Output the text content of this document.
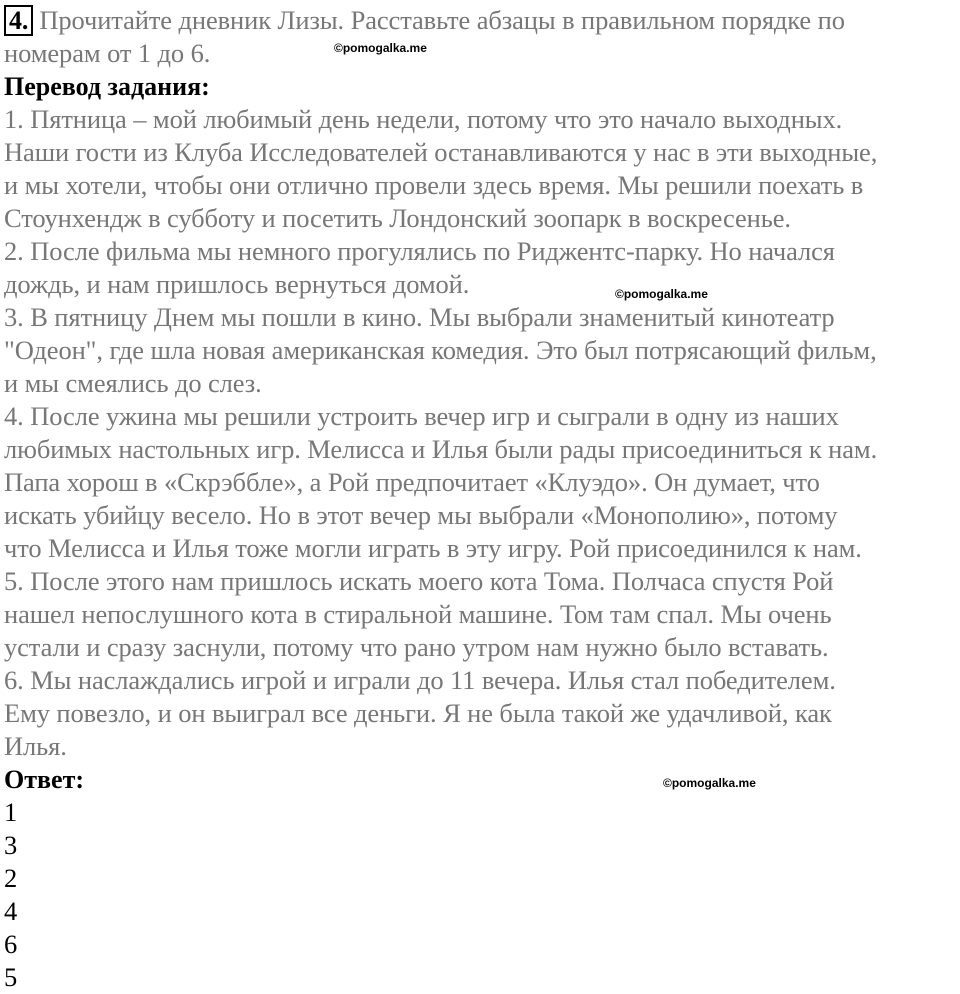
4. Прочитайте дневник Лизы. Расставьте абзацы в правильном порядке по
номерам от 1 до 6.
Перевод задания:
1. Пятница – мой любимый день недели, потому что это начало выходных.
Наши гости из Клуба Исследователей останавливаются у нас в эти выходные,
и мы хотели, чтобы они отлично провели здесь время. Мы решили поехать в
Стоунхендж в субботу и посетить Лондонский зоопарк в воскресенье.
2. После фильма мы немного прогулялись по Риджентс-парку. Но начался
дождь, и нам пришлось вернуться домой.
3. В пятницу Днем мы пошли в кино. Мы выбрали знаменитый кинотеатр
"Одеон", где шла новая американская комедия. Это был потрясающий фильм,
и мы смеялись до слез.
4. После ужина мы решили устроить вечер игр и сыграли в одну из наших
любимых настольных игр. Мелисса и Илья были рады присоединиться к нам.
Папа хорош в «Скрэббле», а Рой предпочитает «Клуэдо». Он думает, что
искать убийцу весело. Но в этот вечер мы выбрали «Монополию», потому
что Мелисса и Илья тоже могли играть в эту игру. Рой присоединился к нам.
5. После этого нам пришлось искать моего кота Тома. Полчаса спустя Рой
нашел непослушного кота в стиральной машине. Том там спал. Мы очень
устали и сразу заснули, потому что рано утром нам нужно было вставать.
6. Мы наслаждались игрой и играли до 11 вечера. Илья стал победителем.
Ему повезло, и он выиграл все деньги. Я не была такой же удачливой, как
Илья.
Ответ:
1
3
2
4
6
5
©pomogalka.me
©pomogalka.me
©pomogalka.me
